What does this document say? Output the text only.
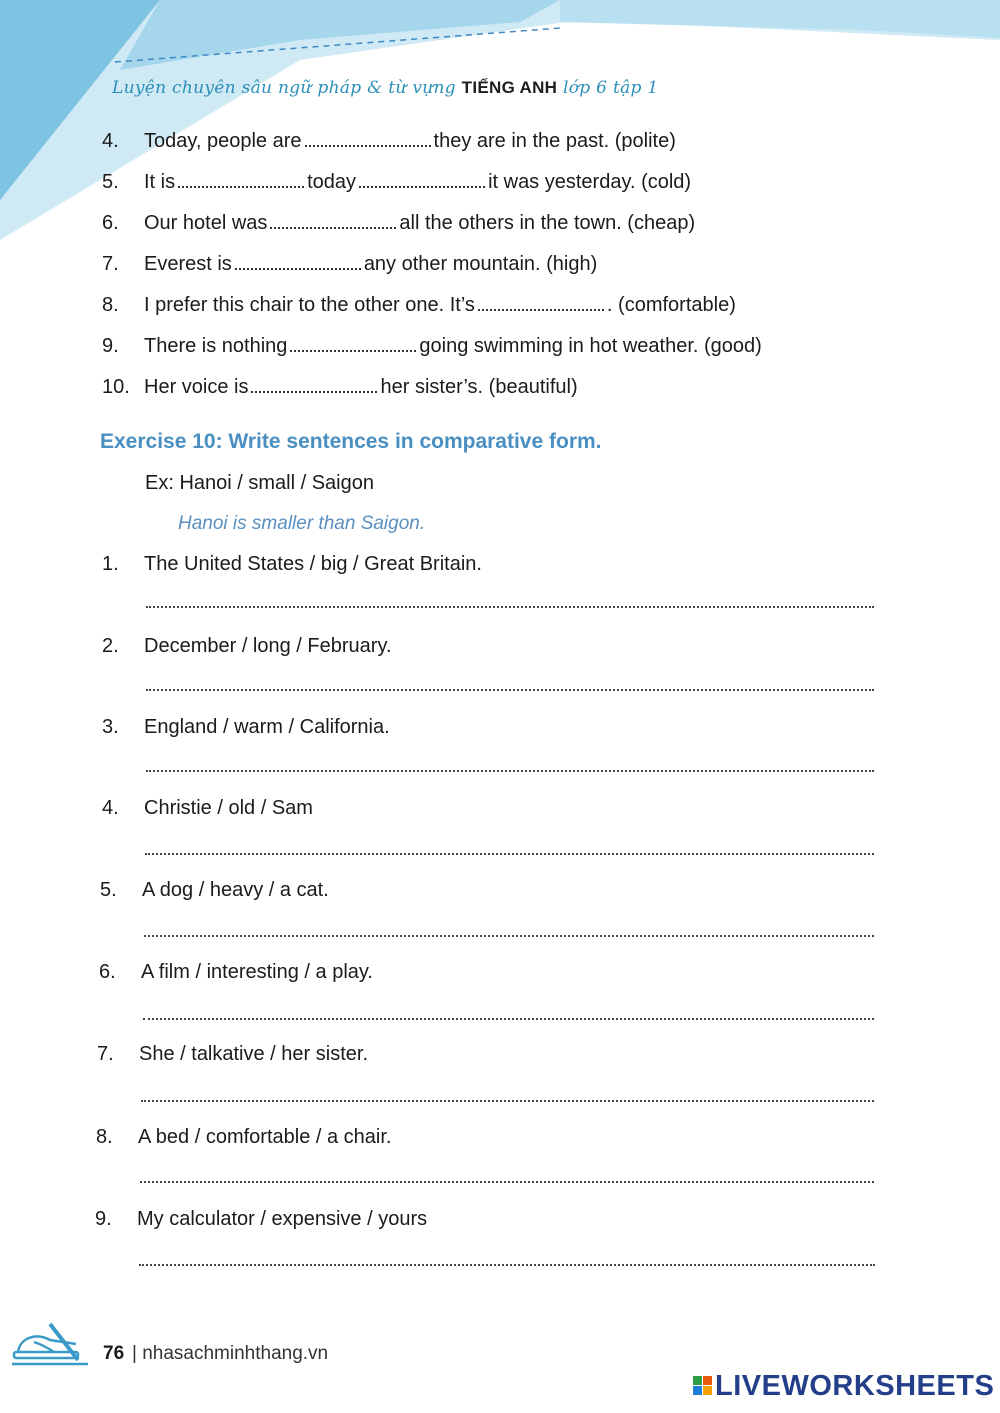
Luyện chuyên sâu ngữ pháp & từ vựng TIẾNG ANH lớp 6 tập 1
4. Today, people are	they are in the past. (polite)
5. It is	today	it was yesterday. (cold)
6. Our hotel was	all the others in the town. (cheap)
7. Everest is	any other mountain. (high)
8. I prefer this chair to the other one. It’s	. (comfortable)
9. There is nothing	going swimming in hot weather. (good)
10. Her voice is	her sister’s. (beautiful)
Exercise 10: Write sentences in comparative form.
Ex: Hanoi / small / Saigon
Hanoi is smaller than Saigon.
1. The United States / big / Great Britain.
2. December / long / February.
3. England / warm / California.
4. Christie / old / Sam
5. A dog / heavy / a cat.
6. A film / interesting / a play.
7. She / talkative / her sister.
8. A bed / comfortable / a chair.
9. My calculator / expensive / yours
76 | nhasachminhthang.vn
LIVEWORKSHEETS
